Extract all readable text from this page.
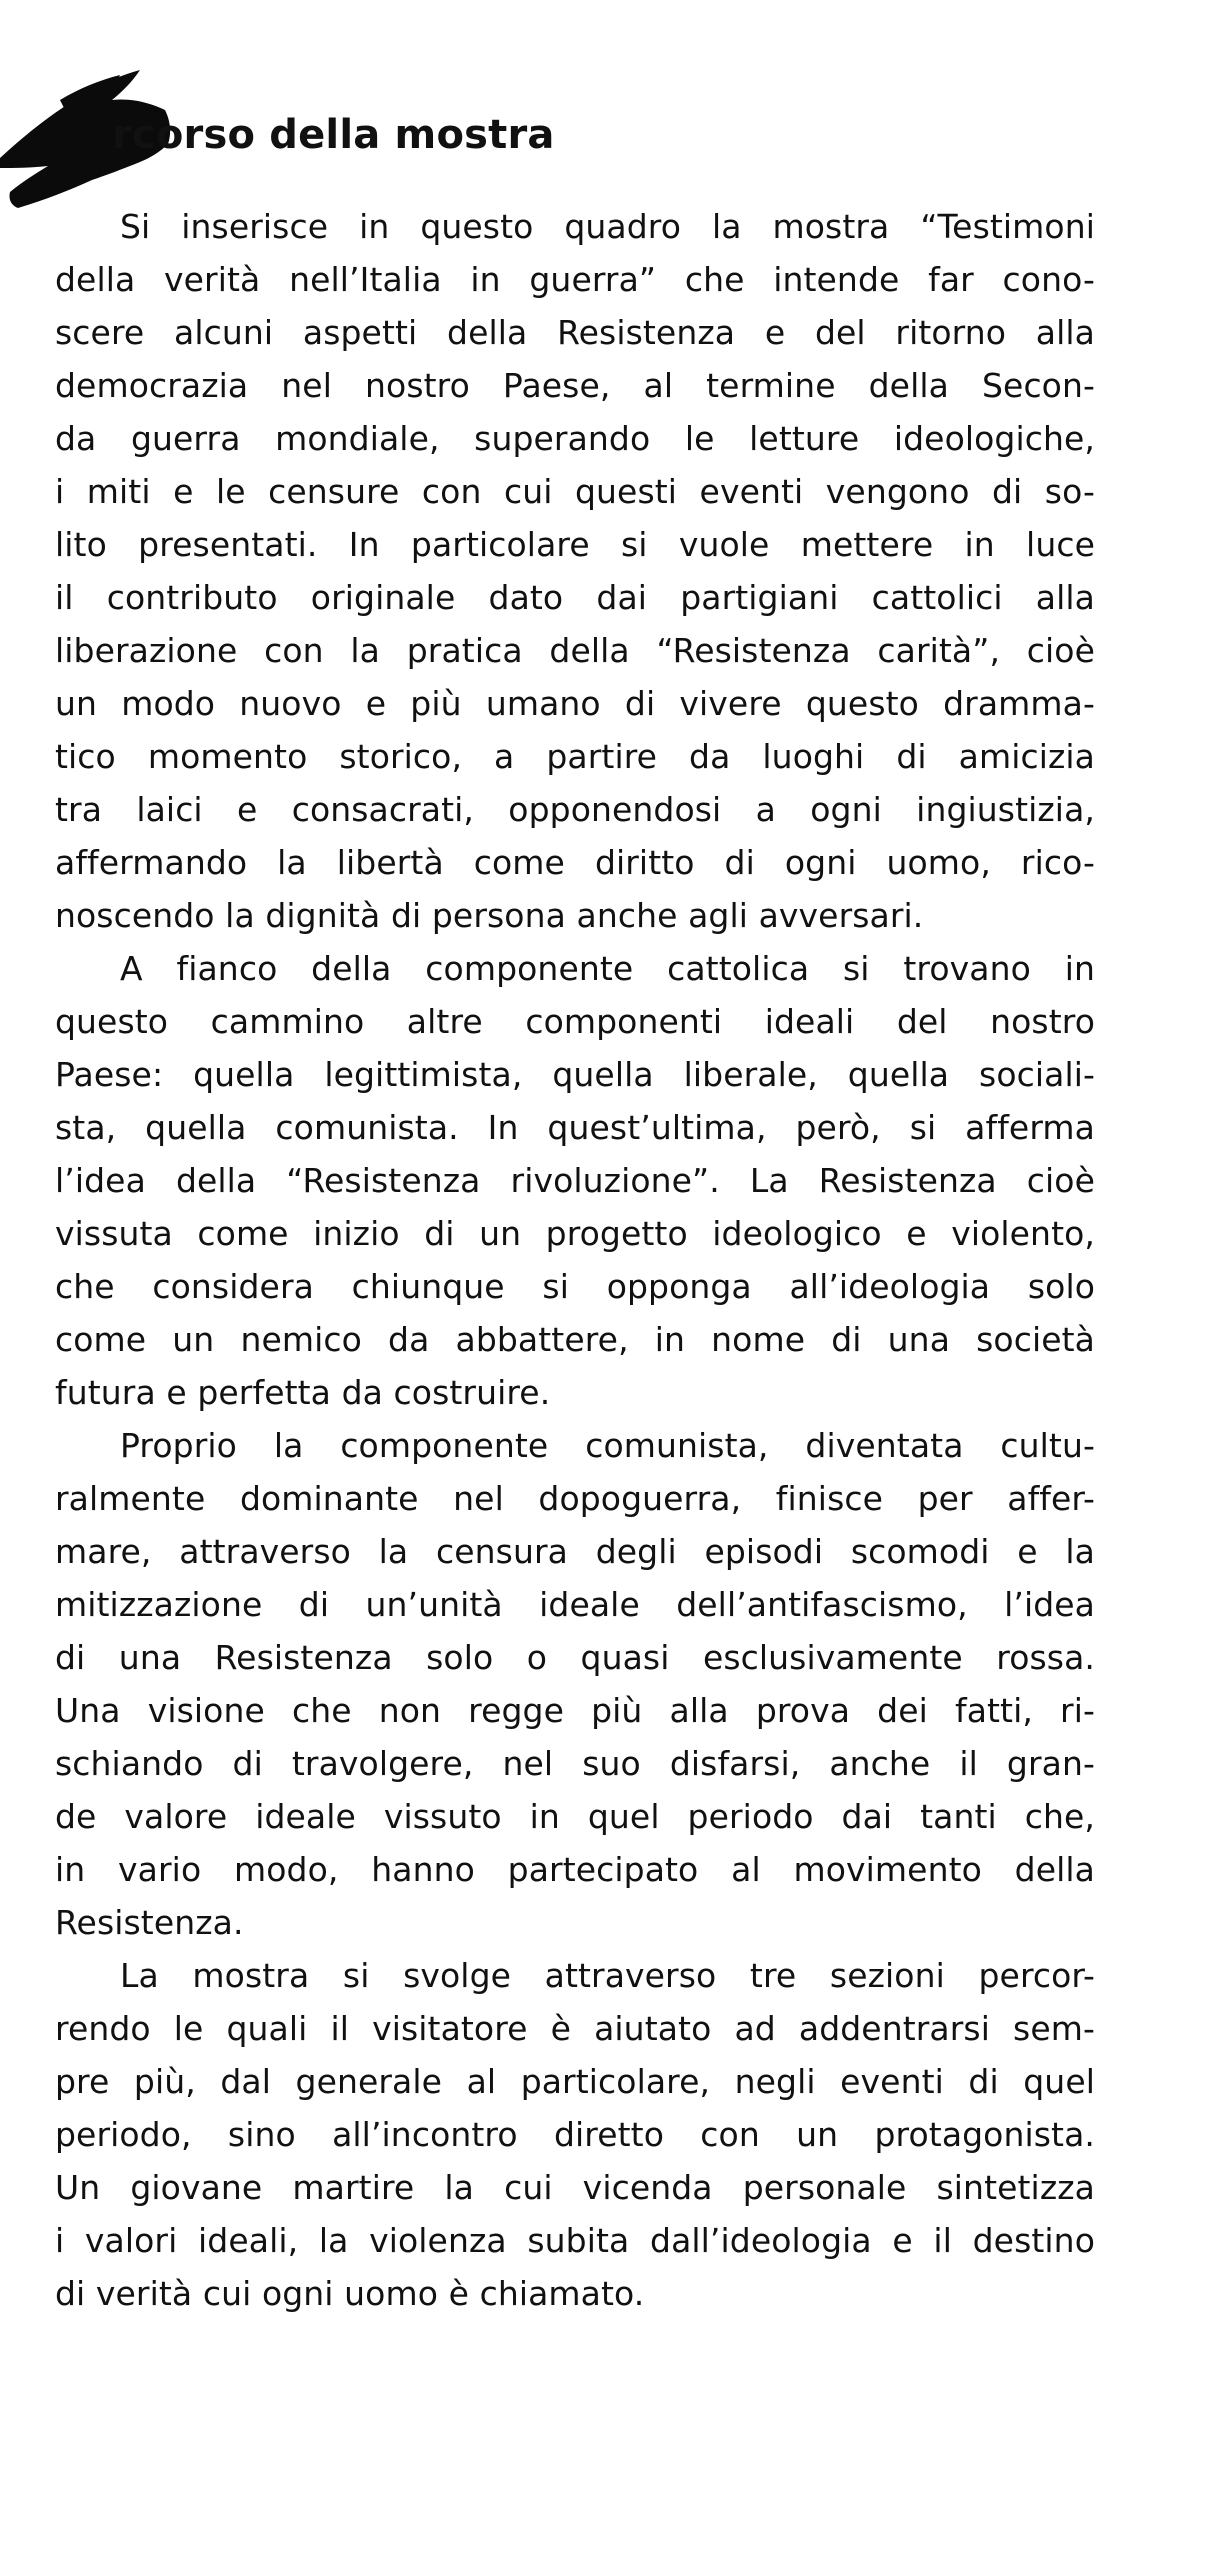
rcorso della mostra

Si inserisce in questo quadro la mostra “Testimoni
della verità nell’Italia in guerra” che intende far cono-
scere alcuni aspetti della Resistenza e del ritorno alla
democrazia nel nostro Paese, al termine della Secon-
da guerra mondiale, superando le letture ideologiche,
i miti e le censure con cui questi eventi vengono di so-
lito presentati. In particolare si vuole mettere in luce
il contributo originale dato dai partigiani cattolici alla
liberazione con la pratica della “Resistenza carità”, cioè
un modo nuovo e più umano di vivere questo dramma-
tico momento storico, a partire da luoghi di amicizia
tra laici e consacrati, opponendosi a ogni ingiustizia,
affermando la libertà come diritto di ogni uomo, rico-
noscendo la dignità di persona anche agli avversari.

A fianco della componente cattolica si trovano in
questo cammino altre componenti ideali del nostro
Paese: quella legittimista, quella liberale, quella sociali-
sta, quella comunista. In quest’ultima, però, si afferma
l’idea della “Resistenza rivoluzione”. La Resistenza cioè
vissuta come inizio di un progetto ideologico e violento,
che considera chiunque si opponga all’ideologia solo
come un nemico da abbattere, in nome di una società
futura e perfetta da costruire.

Proprio la componente comunista, diventata cultu-
ralmente dominante nel dopoguerra, finisce per affer-
mare, attraverso la censura degli episodi scomodi e la
mitizzazione di un’unità ideale dell’antifascismo, l’idea
di una Resistenza solo o quasi esclusivamente rossa.
Una visione che non regge più alla prova dei fatti, ri-
schiando di travolgere, nel suo disfarsi, anche il gran-
de valore ideale vissuto in quel periodo dai tanti che,
in vario modo, hanno partecipato al movimento della
Resistenza.

La mostra si svolge attraverso tre sezioni percor-
rendo le quali il visitatore è aiutato ad addentrarsi sem-
pre più, dal generale al particolare, negli eventi di quel
periodo, sino all’incontro diretto con un protagonista.
Un giovane martire la cui vicenda personale sintetizza
i valori ideali, la violenza subita dall’ideologia e il destino
di verità cui ogni uomo è chiamato.
